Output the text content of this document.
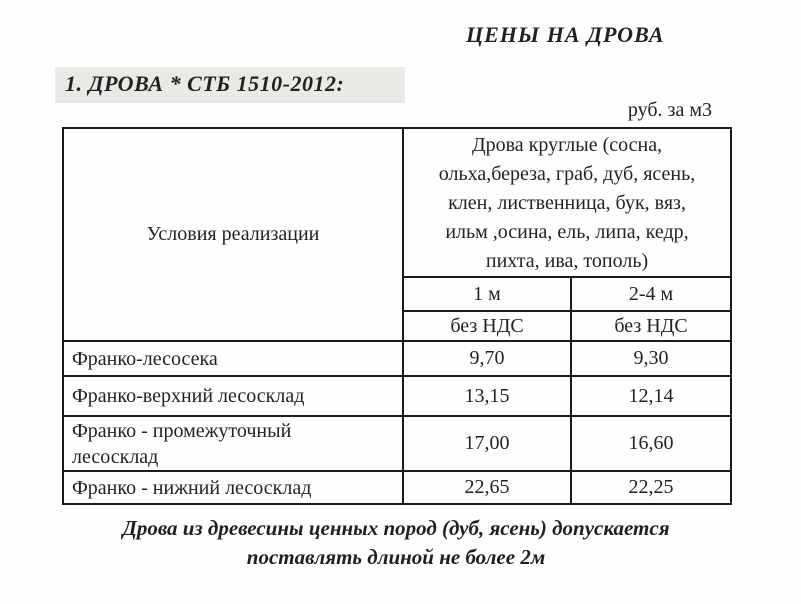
ЦЕНЫ НА ДРОВА
1. ДРОВА * СТБ 1510-2012:
руб. за м3
Условия реализации	Дрова круглые (сосна,
ольха,береза, граб, дуб, ясень,
клен, лиственница, бук, вяз,
ильм ,осина, ель, липа, кедр,
пихта, ива, тополь)	

	1 м	2-4 м
	без НДС	без НДС
Франко-лесосека	9,70	9,30
Франко-верхний лесосклад	13,15	12,14

Франко - промежуточный лесосклад	17,00	16,60
Франко - нижний лесосклад	22,65	22,25
Дрова из древесины ценных пород (дуб, ясень) допускается
поставлять длиной не более 2м
